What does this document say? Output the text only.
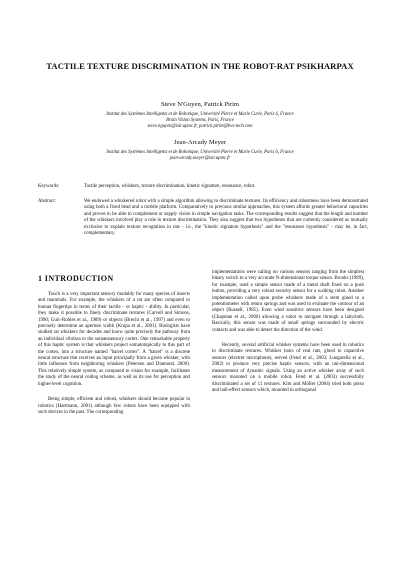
TACTILE TEXTURE DISCRIMINATION IN THE ROBOT-RAT PSIKHARPAX
Steve N'Guyen, Patrick Pirim
Institut des Systèmes Intelligents et de Robotique, Université Pierre et Marie Curie, Paris 6, France
Brain Vision Systems, Paris, France
steve.nguyen@isir.upmc.fr, patrick.pirim@bvs-tech.com
Jean-Arcady Meyer
Institut des Systèmes Intelligents et de Robotique, Université Pierre et Marie Curie, Paris 6, France
jean-arcady.meyer@isir.upmc.fr
Keywords:	Tactile perception, whiskers, texture discrimination, kinetic signature, resonance, robot.
Abstract:	We endowed a whiskered robot with a simple algorithm allowing to discriminate textures. Its efficiency and robustness have been demonstrated using both a fixed head and a mobile platform. Comparatively to previous similar approaches, this system affords greater behavioral capacities and proves to be able to complement or supply vision in simple navigation tasks. The corresponding results suggest that the length and number of the whiskers involved play a role in texture discrimination. They also suggest that two hypotheses that are currently considered as mutually exclusive to explain texture recognition in rats - i.e., the "kinetic signature hypothesis" and the "resonance hypothesis" - may be, in fact, complementary.
1 INTRODUCTION

Touch is a very important sensory modality for many species of insects and mammals. For example, the whiskers of a rat are often compared to human fingertips in terms of their tactile - or haptic - ability. In particular, they make it possible to finely discriminate textures (Carvell and Simons, 1990; Guic-Robles et al., 1989) or objects (Brecht et al., 1997) and even to precisely determine an aperture width (Krupa et al., 2001). Biologists have studied rat whiskers for decades and know quite precisely the pathway from an individual vibrissa to the somatosensory cortex. One remarkable property of this haptic system is that whiskers project somatotopically to this part of the cortex, into a structure named "barrel cortex". A "barrel" is a discrete neural structure that receives an input principally from a given whisker, with little influence from neighboring whiskers (Petersen and Diamond, 2000). This relatively simple system, as compared to vision for example, facilitates the study of the neural coding scheme, as well as its use for perception and higher-level cognition.

Being simple, efficient and robust, whiskers should become popular in robotics (Hartmann, 2001) although few robots have been equipped with such devices in the past. The corresponding

implementations were calling on various sensors ranging from the simplest binary switch to a very accurate N-dimensional torque sensor. Brooks (1989), for example, used a simple sensor made of a metal shaft fixed on a push button, providing a very robust security sensor for a walking robot. Another implementation called upon probe whiskers made of a stem glued to a potentiometer with return springs and was used to evaluate the contour of an object (Russell, 1985). Even wind sensitive sensors have been designed (Chapman et al., 2000) allowing a robot to navigate through a labyrinth. Basically, this sensor was made of small springs surrounded by electric contacts and was able to detect the direction of the wind.

Recently, several artificial whisker systems have been used in robotics to discriminate textures. Whisker hairs of real rats, glued to capacitive sensors (electret microphone), served (Fend et al., 2003; Lungarella et al., 2002) to produce very precise haptic sensors, with an uni-dimensional measurement of dynamic signals. Using an active whisker array of such sensors mounted on a mobile robot, Fend et al. (2003) successfully discriminated a set of 11 textures. Kim and Möller (2004) tried both piezo and hall-effect sensors which, mounted in orthogonal
